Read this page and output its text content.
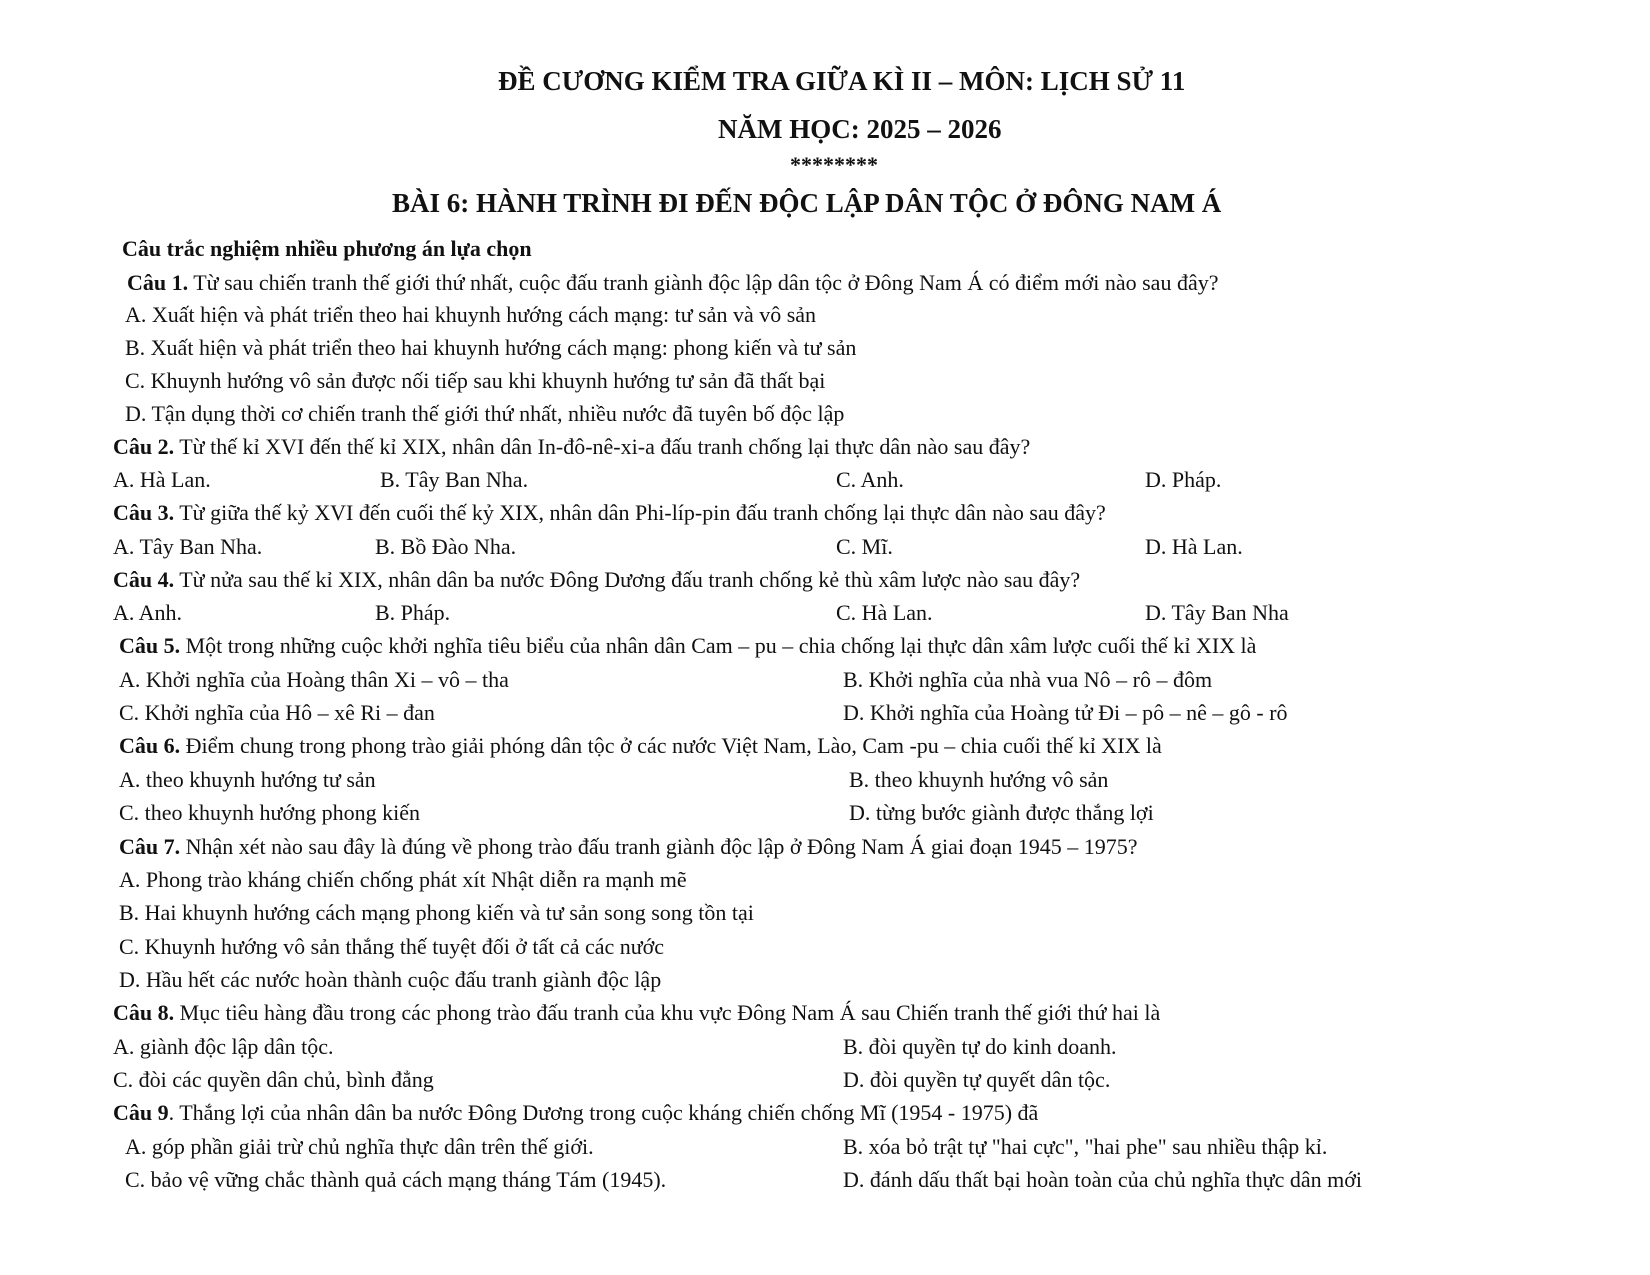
ĐỀ CƯƠNG KIỂM TRA GIỮA KÌ II – MÔN: LỊCH SỬ 11
NĂM HỌC: 2025 – 2026
********
BÀI 6: HÀNH TRÌNH ĐI ĐẾN ĐỘC LẬP DÂN TỘC Ở ĐÔNG NAM Á
Câu trắc nghiệm nhiều phương án lựa chọn
Câu 1. Từ sau chiến tranh thế giới thứ nhất, cuộc đấu tranh giành độc lập dân tộc ở Đông Nam Á có điểm mới nào sau đây?
A. Xuất hiện và phát triển theo hai khuynh hướng cách mạng: tư sản và vô sản
B. Xuất hiện và phát triển theo hai khuynh hướng cách mạng: phong kiến và tư sản
C. Khuynh hướng vô sản được nối tiếp sau khi khuynh hướng tư sản đã thất bại
D. Tận dụng thời cơ chiến tranh thế giới thứ nhất, nhiều nước đã tuyên bố độc lập
Câu 2. Từ thế kỉ XVI đến thế kỉ XIX, nhân dân In-đô-nê-xi-a đấu tranh chống lại thực dân nào sau đây?
A. Hà Lan.	B. Tây Ban Nha.	C. Anh.	D. Pháp.
Câu 3. Từ giữa thế kỷ XVI đến cuối thế kỷ XIX, nhân dân Phi-líp-pin đấu tranh chống lại thực dân nào sau đây?
A. Tây Ban Nha.	B. Bồ Đào Nha.	C. Mĩ.	D. Hà Lan.
Câu 4. Từ nửa sau thế kỉ XIX, nhân dân ba nước Đông Dương đấu tranh chống kẻ thù xâm lược nào sau đây?
A. Anh.	B. Pháp.	C. Hà Lan.	D. Tây Ban Nha
Câu 5. Một trong những cuộc khởi nghĩa tiêu biểu của nhân dân Cam – pu – chia chống lại thực dân xâm lược cuối thế kỉ XIX là
A. Khởi nghĩa của Hoàng thân Xi – vô – tha	B. Khởi nghĩa của nhà vua Nô – rô – đôm
C. Khởi nghĩa của Hô – xê Ri – đan	D. Khởi nghĩa của Hoàng tử Đi – pô – nê – gô - rô
Câu 6. Điểm chung trong phong trào giải phóng dân tộc ở các nước Việt Nam, Lào, Cam -pu – chia cuối thế kỉ XIX là
A. theo khuynh hướng tư sản	B. theo khuynh hướng vô sản
C. theo khuynh hướng phong kiến	D. từng bước giành được thắng lợi
Câu 7. Nhận xét nào sau đây là đúng về phong trào đấu tranh giành độc lập ở Đông Nam Á giai đoạn 1945 – 1975?
A. Phong trào kháng chiến chống phát xít Nhật diễn ra mạnh mẽ
B. Hai khuynh hướng cách mạng phong kiến và tư sản song song tồn tại
C. Khuynh hướng vô sản thắng thế tuyệt đối ở tất cả các nước
D. Hầu hết các nước hoàn thành cuộc đấu tranh giành độc lập
Câu 8. Mục tiêu hàng đầu trong các phong trào đấu tranh của khu vực Đông Nam Á sau Chiến tranh thế giới thứ hai là
A. giành độc lập dân tộc.	B. đòi quyền tự do kinh doanh.
C. đòi các quyền dân chủ, bình đẳng	D. đòi quyền tự quyết dân tộc.
Câu 9. Thắng lợi của nhân dân ba nước Đông Dương trong cuộc kháng chiến chống Mĩ (1954 - 1975) đã
A. góp phần giải trừ chủ nghĩa thực dân trên thế giới.	B. xóa bỏ trật tự "hai cực", "hai phe" sau nhiều thập kỉ.
C. bảo vệ vững chắc thành quả cách mạng tháng Tám (1945).	D. đánh dấu thất bại hoàn toàn của chủ nghĩa thực dân mới
